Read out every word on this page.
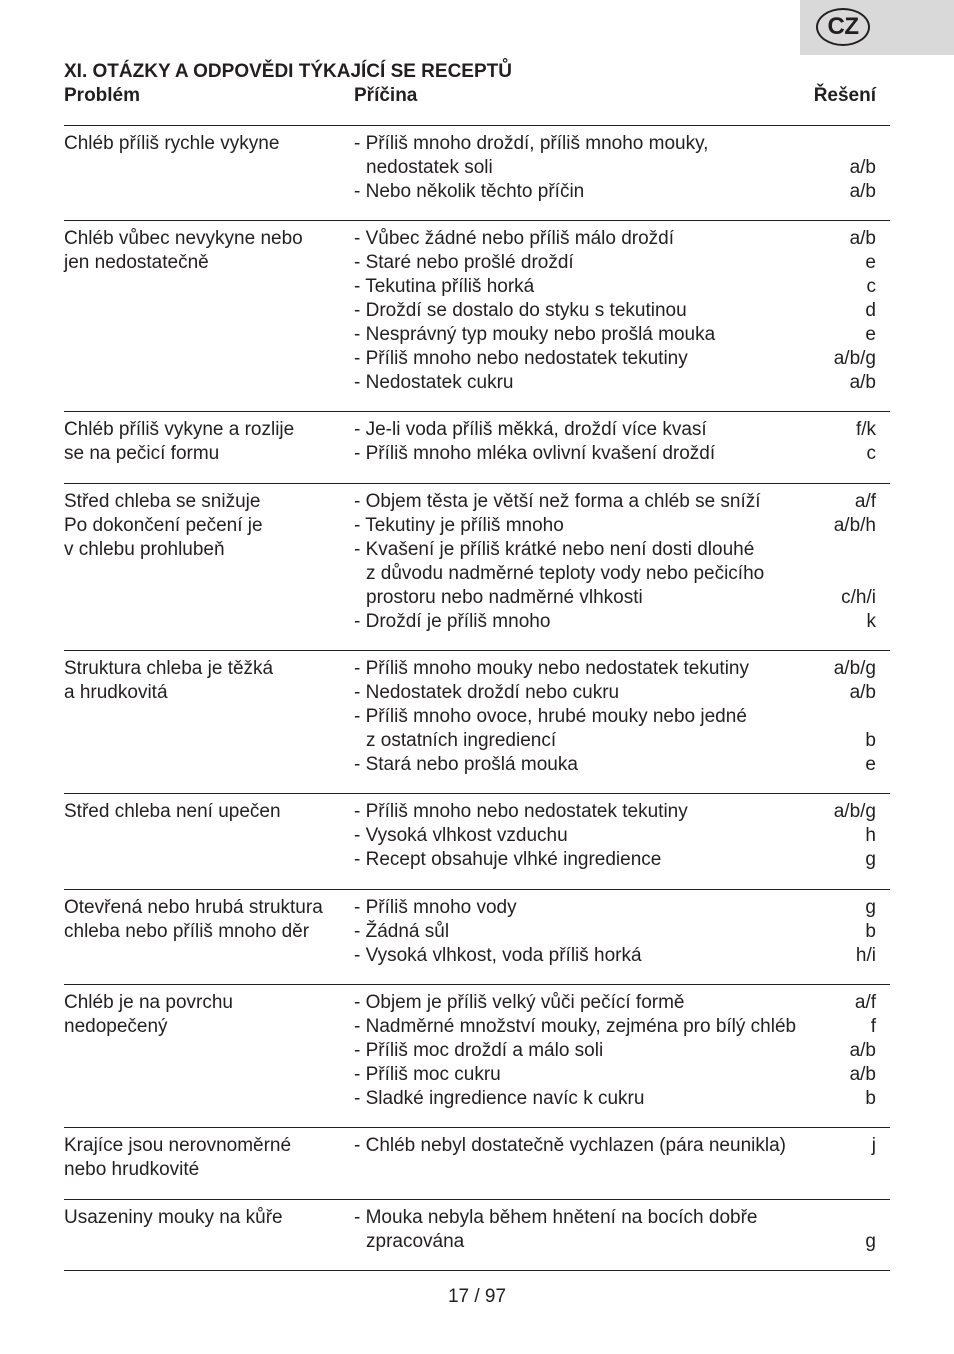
CZ
XI. OTÁZKY A ODPOVĚDI TÝKAJÍCÍ SE RECEPTŮ
Problém	Příčina	Řešení
Chléb příliš rychle vykyne	- Příliš mnoho droždí, příliš mnoho mouky,
nedostatek soli	a/b
- Nebo několik těchto příčin	a/b
Chléb vůbec nevykyne nebo
jen nedostatečně
- Vůbec žádné nebo příliš málo droždí	a/b
- Staré nebo prošlé droždí	e
- Tekutina příliš horká	c
- Droždí se dostalo do styku s tekutinou	d
- Nesprávný typ mouky nebo prošlá mouka	e
- Příliš mnoho nebo nedostatek tekutiny	a/b/g
- Nedostatek cukru	a/b
Chléb příliš vykyne a rozlije
se na pečicí formu
- Je-li voda příliš měkká, droždí více kvasí	f/k
- Příliš mnoho mléka ovlivní kvašení droždí	c
Střed chleba se snižuje
Po dokončení pečení je
v chlebu prohlubeň
- Objem těsta je větší než forma a chléb se sníží	a/f
- Tekutiny je příliš mnoho	a/b/h
- Kvašení je příliš krátké nebo není dosti dlouhé
z důvodu nadměrné teploty vody nebo pečicího
prostoru nebo nadměrné vlhkosti	c/h/i
- Droždí je příliš mnoho	k
Struktura chleba je těžká
a hrudkovitá
- Příliš mnoho mouky nebo nedostatek tekutiny	a/b/g
- Nedostatek droždí nebo cukru	a/b
- Příliš mnoho ovoce, hrubé mouky nebo jedné
z ostatních ingrediencí	b
- Stará nebo prošlá mouka	e
Střed chleba není upečen	- Příliš mnoho nebo nedostatek tekutiny	a/b/g
- Vysoká vlhkost vzduchu	h
- Recept obsahuje vlhké ingredience	g
Otevřená nebo hrubá struktura
chleba nebo příliš mnoho děr
- Příliš mnoho vody	g
- Žádná sůl	b
- Vysoká vlhkost, voda příliš horká	h/i
Chléb je na povrchu
nedopečený
- Objem je příliš velký vůči pečící formě	a/f
- Nadměrné množství mouky, zejména pro bílý chléb	f
- Příliš moc droždí a málo soli	a/b
- Příliš moc cukru	a/b
- Sladké ingredience navíc k cukru	b
Krajíce jsou nerovnoměrné
nebo hrudkovité
- Chléb nebyl dostatečně vychlazen (pára neunikla)	j
Usazeniny mouky na kůře	- Mouka nebyla během hnětení na bocích dobře
zpracována	g
17 / 97
